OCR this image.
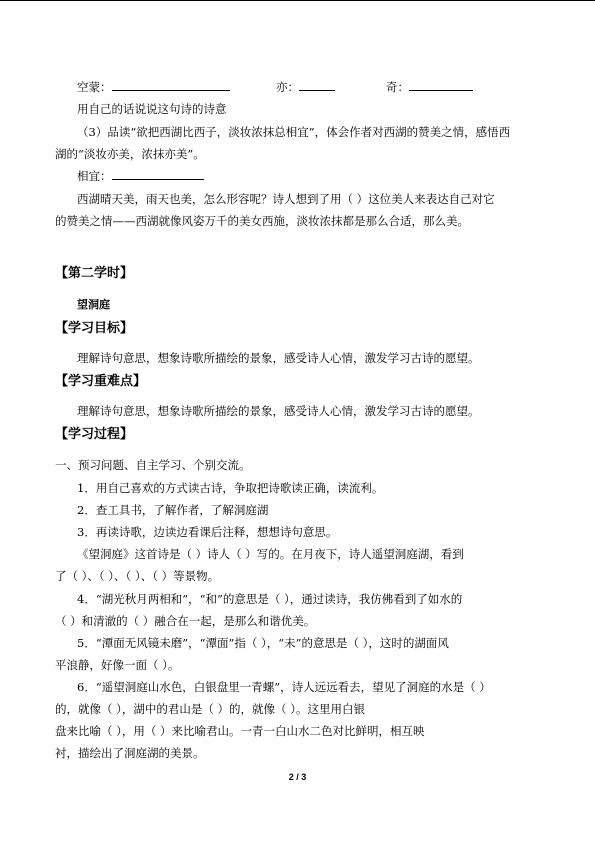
空蒙：	亦：	奇：
用自己的话说说这句诗的诗意
（3）品读“欲把西湖比西子，淡妆浓抹总相宜”，体会作者对西湖的赞美之情，感悟西
湖的“淡妆亦美，浓抹亦美”。
相宜：
西湖晴天美，雨天也美，怎么形容呢？诗人想到了用（ ）这位美人来表达自己对它
的赞美之情——西湖就像风姿万千的美女西施，淡妆浓抹都是那么合适，那么美。
【第二学时】
望洞庭
【学习目标】
理解诗句意思，想象诗歌所描绘的景象，感受诗人心情，激发学习古诗的愿望。
【学习重难点】
理解诗句意思，想象诗歌所描绘的景象，感受诗人心情，激发学习古诗的愿望。
【学习过程】
一、预习问题、自主学习、个别交流。
1．用自己喜欢的方式读古诗，争取把诗歌读正确，读流利。
2．查工具书，了解作者，了解洞庭湖
3．再读诗歌，边读边看课后注释，想想诗句意思。
《望洞庭》这首诗是（ ）诗人（ ）写的。在月夜下，诗人遥望洞庭湖，看到
了（ ）、（ ）、（ ）、（ ）等景物。
4．“湖光秋月两相和”，“和”的意思是（ ），通过读诗，我仿佛看到了如水的
（ ）和清澈的（ ）融合在一起，是那么和谐优美。
5．“潭面无风镜未磨”，“潭面”指（ ），“未”的意思是（ ），这时的湖面风
平浪静，好像一面（ ）。
6．“遥望洞庭山水色，白银盘里一青螺”，诗人远远看去，望见了洞庭的水是（ ）
的，就像（ ），湖中的君山是（ ）的，就像（ ）。这里用白银
盘来比喻（ ），用（ ）来比喻君山。一青一白山水二色对比鲜明，相互映
衬，描绘出了洞庭湖的美景。
2 / 3
